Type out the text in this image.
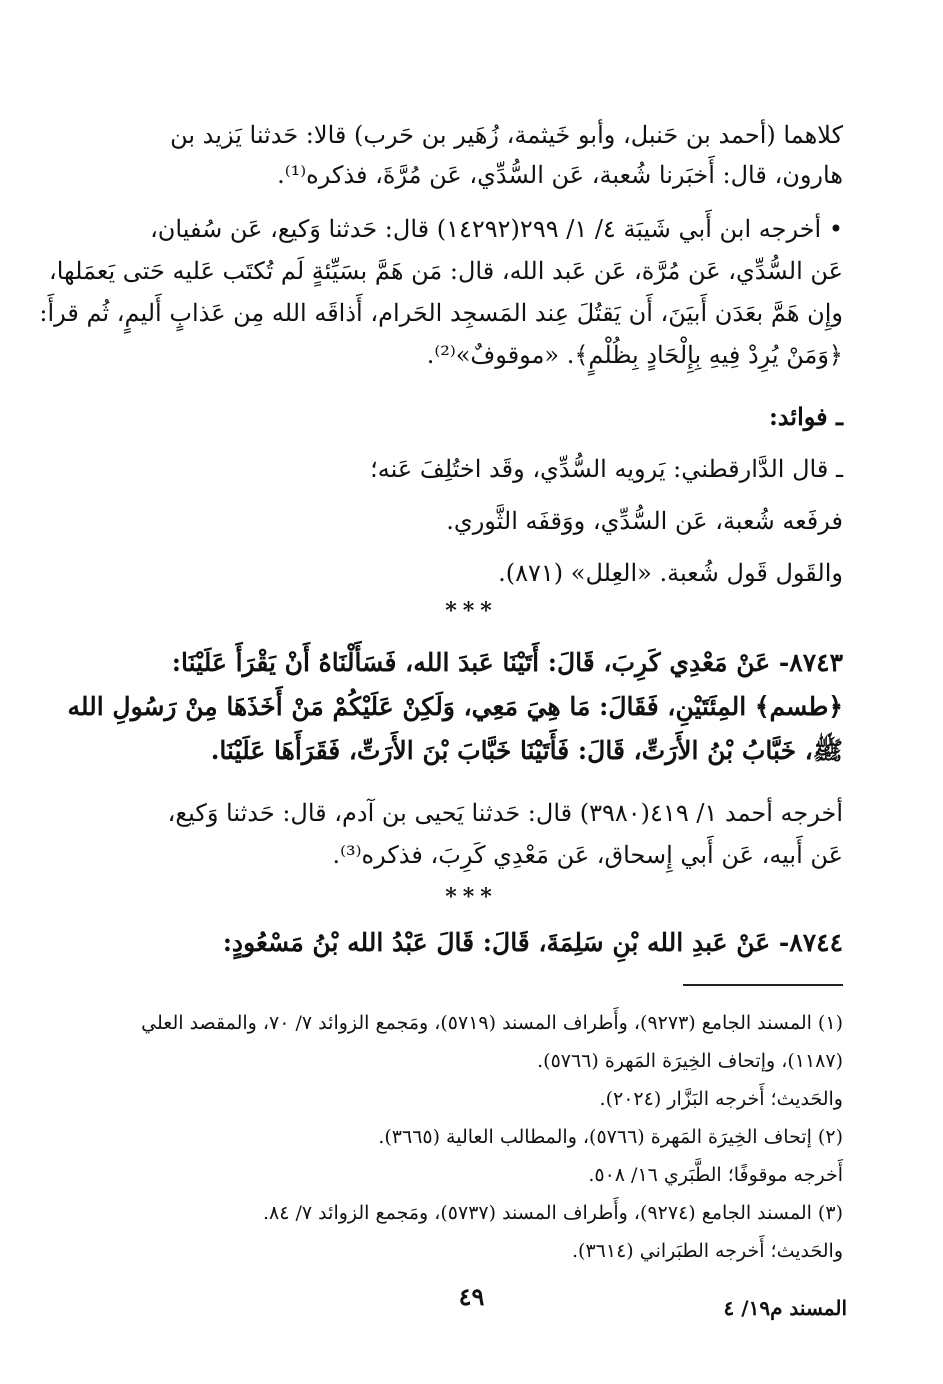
كلاهما (أحمد بن حَنبل، وأبو خَيثمة، زُهَير بن حَرب) قالا: حَدثنا يَزيد بن
هارون، قال: أَخبَرنا شُعبة، عَن السُّدِّي، عَن مُرَّةَ، فذكره⁽¹⁾.
• أخرجه ابن أَبي شَيبَة ٤/ ١/ ٢٩٩(١٤٢٩٢) قال: حَدثنا وَكيع، عَن سُفيان،
عَن السُّدِّي، عَن مُرَّة، عَن عَبد الله، قال: مَن هَمَّ بسَيِّئةٍ لَم تُكتَب عَليه حَتى يَعمَلها،
وإِن هَمَّ بعَدَن أَبيَنَ، أَن يَقتُلَ عِند المَسجِد الحَرام، أَذاقَه الله مِن عَذابٍ أَليمٍ، ثُم قرأَ:
﴿وَمَنْ يُرِدْ فِيهِ بِإِلْحَادٍ بِظُلْمٍ﴾. «موقوفٌ»⁽²⁾.
ـ فوائد:
ـ قال الدَّارقطني: يَرويه السُّدِّي، وقَد اختُلِفَ عَنه؛
فرفَعه شُعبة، عَن السُّدِّي، ووَقفَه الثَّوري.
والقَول قَول شُعبة. «العِلل» (٨٧١).
***
٨٧٤٣- عَنْ مَعْدِي كَرِبَ، قَالَ: أَتَيْنَا عَبدَ الله، فَسَأَلْنَاهُ أَنْ يَقْرَأَ عَلَيْنَا:
﴿طسم﴾ المِئَتَيْنِ، فَقَالَ: مَا هِيَ مَعِي، وَلَكِنْ عَلَيْكُمْ مَنْ أَخَذَهَا مِنْ رَسُولِ الله
ﷺ، خَبَّابُ بْنُ الأَرَتِّ، قَالَ: فَأَتَيْنَا خَبَّابَ بْنَ الأَرَتِّ، فَقَرَأَهَا عَلَيْنَا.
أخرجه أحمد ١/ ٤١٩(٣٩٨٠) قال: حَدثنا يَحيى بن آدم، قال: حَدثنا وَكيع،
عَن أَبيه، عَن أَبي إِسحاق، عَن مَعْدِي كَرِبَ، فذكره⁽³⁾.
***
٨٧٤٤- عَنْ عَبدِ الله بْنِ سَلِمَةَ، قَالَ: قَالَ عَبْدُ الله بْنُ مَسْعُودٍ:
(١) المسند الجامع (٩٢٧٣)، وأَطراف المسند (٥٧١٩)، ومَجمع الزوائد ٧/ ٧٠، والمقصد العلي
(١١٨٧)، وإتحاف الخِيرَة المَهرة (٥٧٦٦).
والحَديث؛ أَخرجه البَزَّار (٢٠٢٤).
(٢) إتحاف الخِيرَة المَهرة (٥٧٦٦)، والمطالب العالية (٣٦٦٥).
أَخرجه موقوفًا؛ الطَّبَري ١٦/ ٥٠٨.
(٣) المسند الجامع (٩٢٧٤)، وأَطراف المسند (٥٧٣٧)، ومَجمع الزوائد ٧/ ٨٤.
والحَديث؛ أَخرجه الطبَراني (٣٦١٤).
٤٩	المسند م١٩/ ٤
